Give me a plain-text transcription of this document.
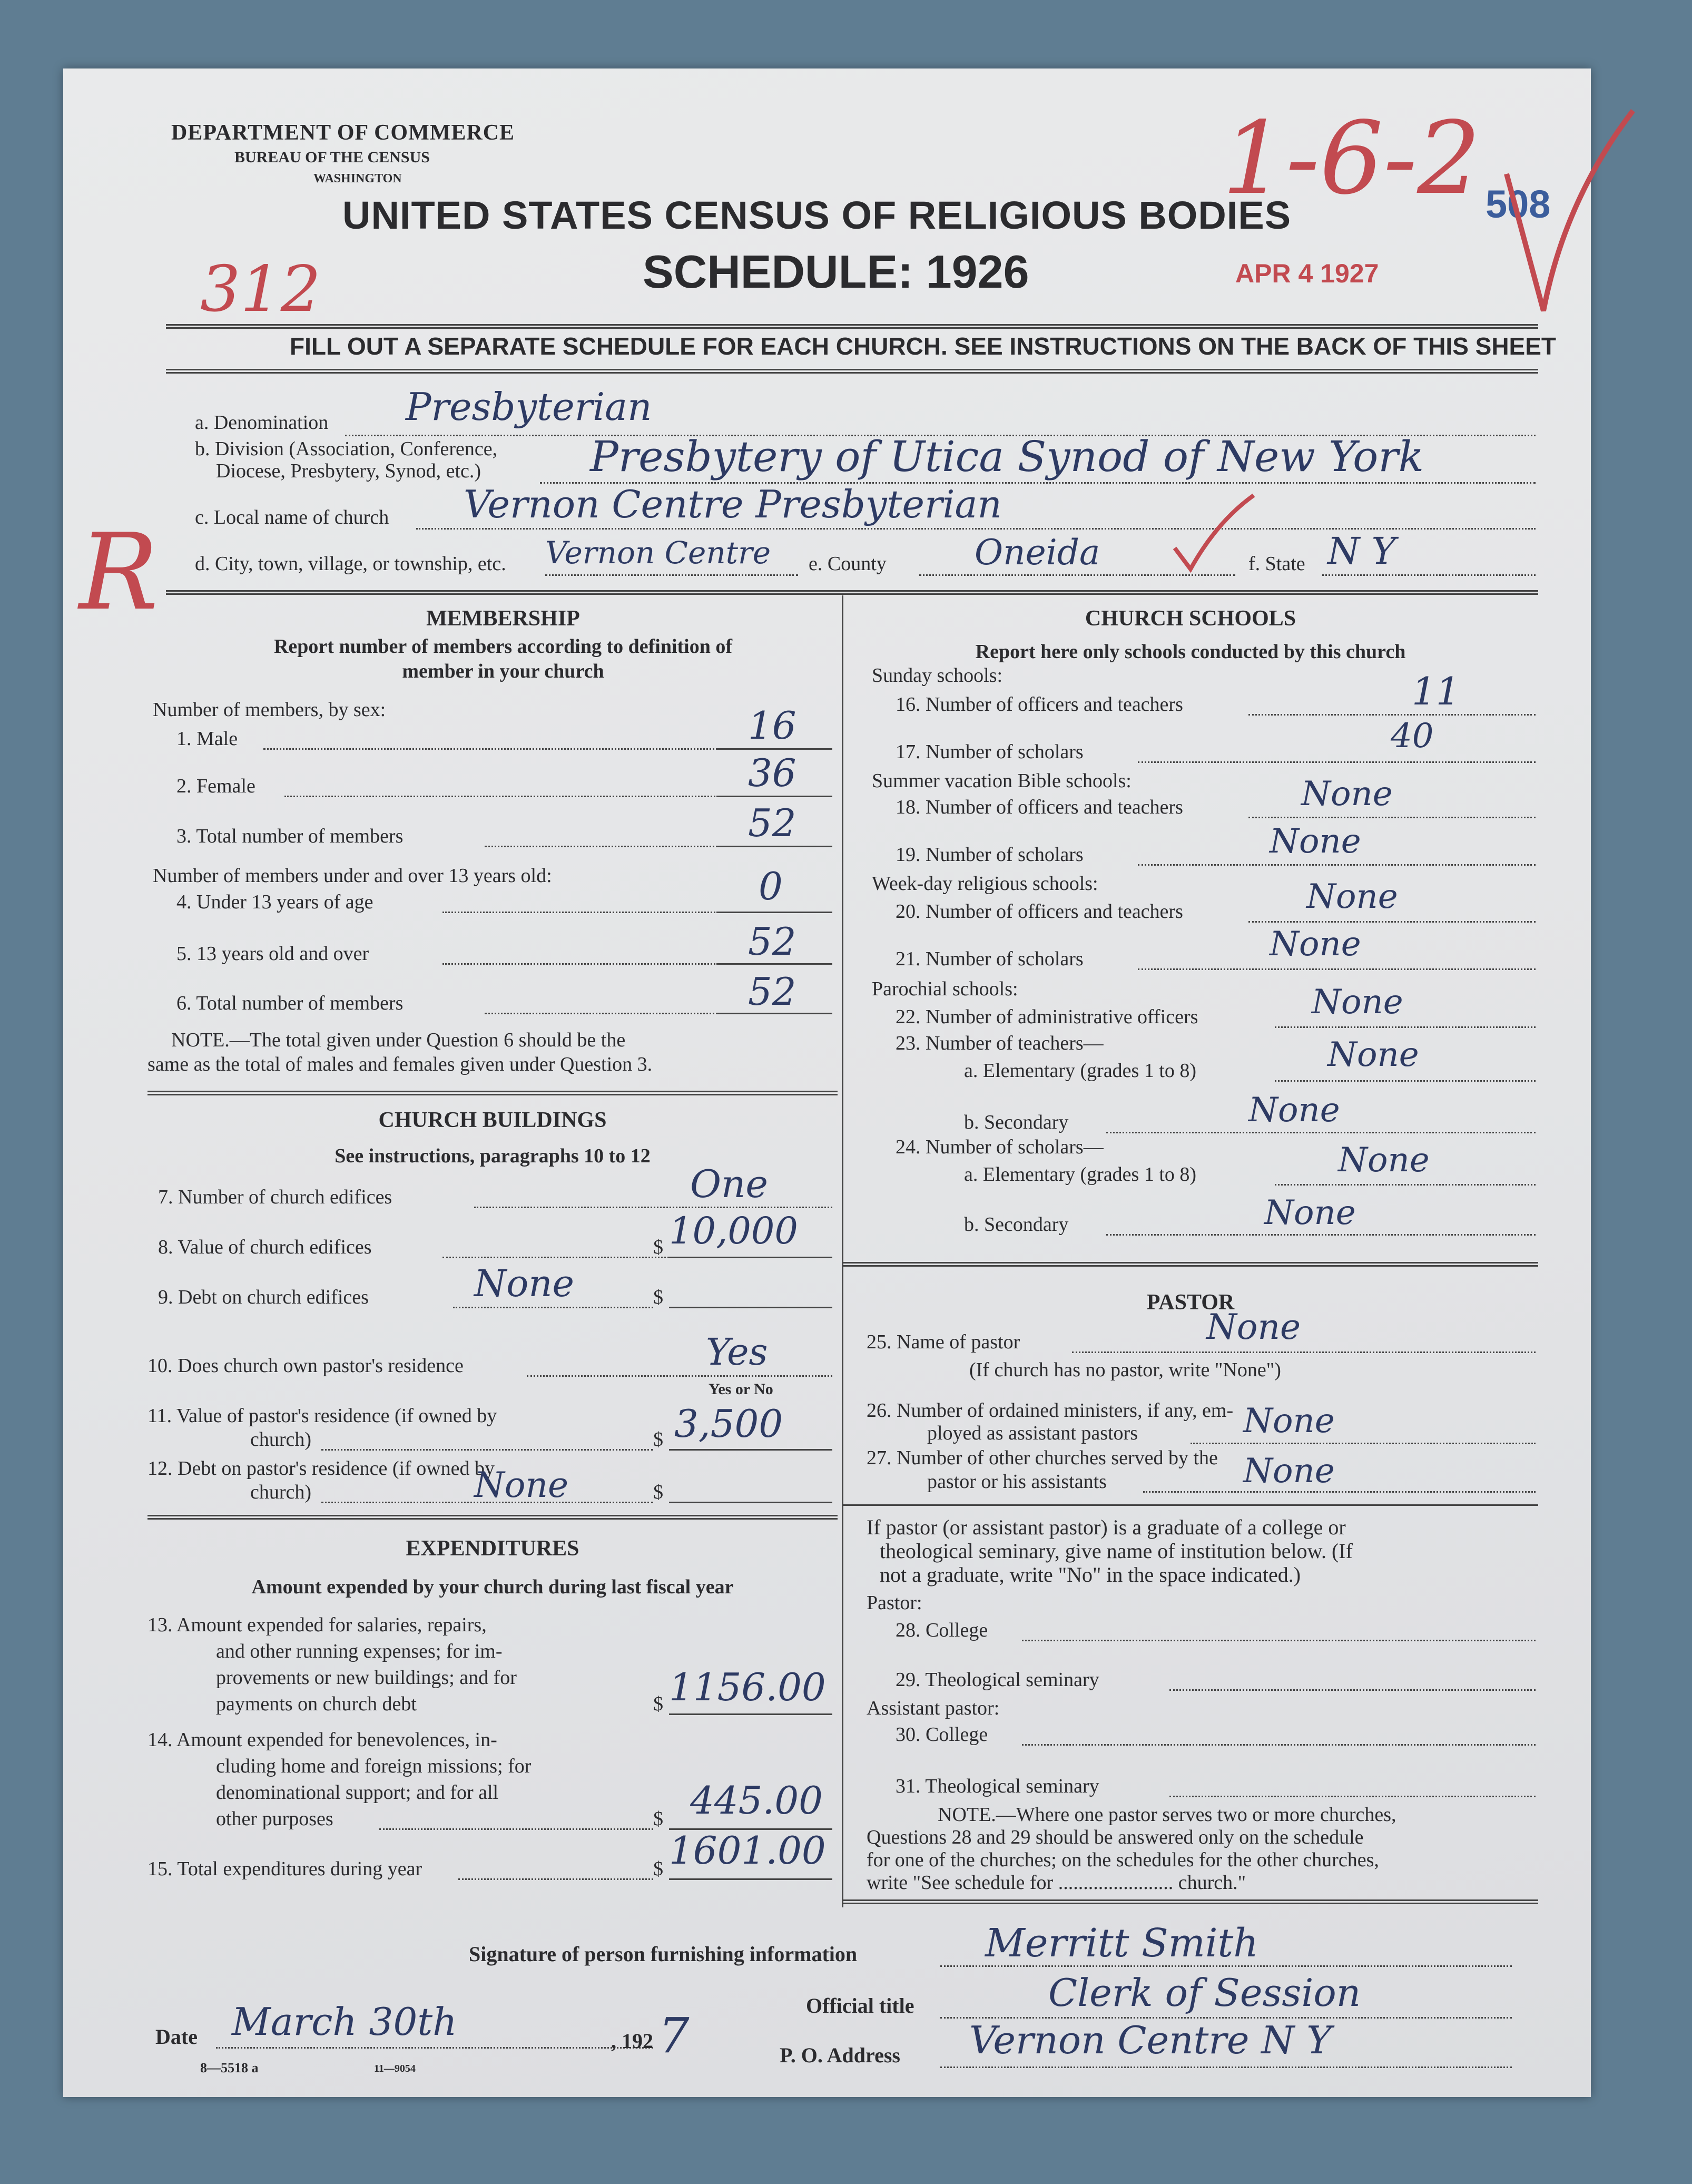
DEPARTMENT OF COMMERCE
BUREAU OF THE CENSUS
WASHINGTON
UNITED STATES CENSUS OF RELIGIOUS BODIES
SCHEDULE: 1926	APR 4 1927
508
1-6-2
312
R
FILL OUT A SEPARATE SCHEDULE FOR EACH CHURCH. SEE INSTRUCTIONS ON THE BACK OF THIS SHEET
a. Denomination Presbyterian
b. Division (Association, Conference,
Diocese, Presbytery, Synod, etc.)	Presbytery of Utica Synod of New York
c. Local name of church Vernon Centre Presbyterian
d. City, town, village, or township, etc. Vernon Centre e. County	Oneida	f. State N Y
MEMBERSHIP
Report number of members according to definition of
member in your church
Number of members, by sex:
1. Male	16
2. Female	36
3. Total number of members	52
Number of members under and over 13 years old:
4. Under 13 years of age	0
5. 13 years old and over	52
6. Total number of members	52
NOTE.—The total given under Question 6 should be the
same as the total of males and females given under Question 3.
CHURCH BUILDINGS
See instructions, paragraphs 10 to 12
7. Number of church edifices	One
8. Value of church edifices	$ 10,000
9. Debt on church edifices	None	$
10. Does church own pastor's residence	Yes
Yes or No
11. Value of pastor's residence (if owned by
church)	$ 3,500
12. Debt on pastor's residence (if owned by
church)	None	$
EXPENDITURES
Amount expended by your church during last fiscal year
13. Amount expended for salaries, repairs,
and other running expenses; for im-
provements or new buildings; and for
payments on church debt	$ 1156.00
14. Amount expended for benevolences, in-
cluding home and foreign missions; for
denominational support; and for all
other purposes	$ 445.00
15. Total expenditures during year	$ 1601.00
CHURCH SCHOOLS
Report here only schools conducted by this church
Sunday schools:
16. Number of officers and teachers	11
17. Number of scholars	40
Summer vacation Bible schools:
18. Number of officers and teachers	None
19. Number of scholars	None
Week-day religious schools:
20. Number of officers and teachers	None
21. Number of scholars	None
Parochial schools:
22. Number of administrative officers	None
23. Number of teachers—
a. Elementary (grades 1 to 8)	None
b. Secondary	None
24. Number of scholars—
a. Elementary (grades 1 to 8)	None
b. Secondary	None
PASTOR
25. Name of pastor	None
(If church has no pastor, write "None")
26. Number of ordained ministers, if any, em-
ployed as assistant pastors	None
27. Number of other churches served by the
pastor or his assistants	None
If pastor (or assistant pastor) is a graduate of a college or
theological seminary, give name of institution below. (If
not a graduate, write "No" in the space indicated.)
Pastor:
28. College
29. Theological seminary
Assistant pastor:
30. College
31. Theological seminary
NOTE.—Where one pastor serves two or more churches,
Questions 28 and 29 should be answered only on the schedule
for one of the churches; on the schedules for the other churches,
write "See schedule for ....................... church."
Signature of person furnishing information	Merritt Smith
Official title	Clerk of Session
Date March 30th	, 192 7
8—5518 a	11—9054
P. O. Address Vernon Centre N Y
